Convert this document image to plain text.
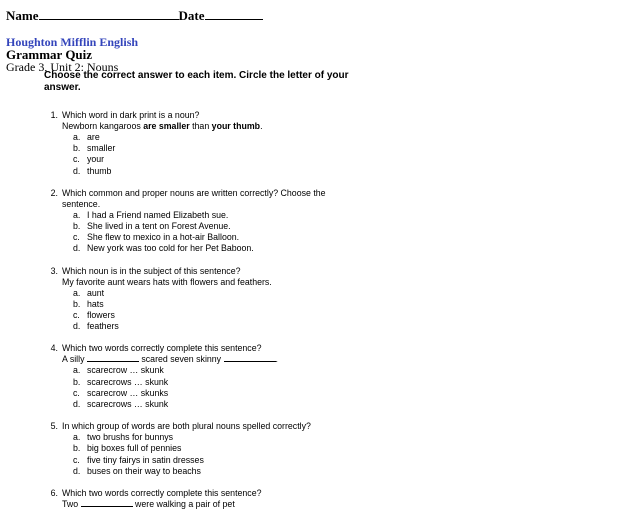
Name	Date
Houghton Mifflin English
Grammar Quiz
Grade 3, Unit 2: Nouns
Choose the correct answer to each item. Circle the letter of your answer.
1. Which word in dark print is a noun?
Newborn kangaroos are smaller than your thumb.
a. are
b. smaller
c. your
d. thumb
2. Which common and proper nouns are written correctly? Choose the sentence.
a. I had a Friend named Elizabeth sue.
b. She lived in a tent on Forest Avenue.
c. She flew to mexico in a hot-air Balloon.
d. New york was too cold for her Pet Baboon.
3. Which noun is in the subject of this sentence?
My favorite aunt wears hats with flowers and feathers.
a. aunt
b. hats
c. flowers
d. feathers
4. Which two words correctly complete this sentence?
A silly	scared seven skinny	.
a. scarecrow … skunk
b. scarecrows … skunk
c. scarecrow … skunks
d. scarecrows … skunk
5. In which group of words are both plural nouns spelled correctly?
a. two brushs for bunnys
b. big boxes full of pennies
c. five tiny fairys in satin dresses
d. buses on their way to beachs
6. Which two words correctly complete this sentence?
Two	were walking a pair of pet
